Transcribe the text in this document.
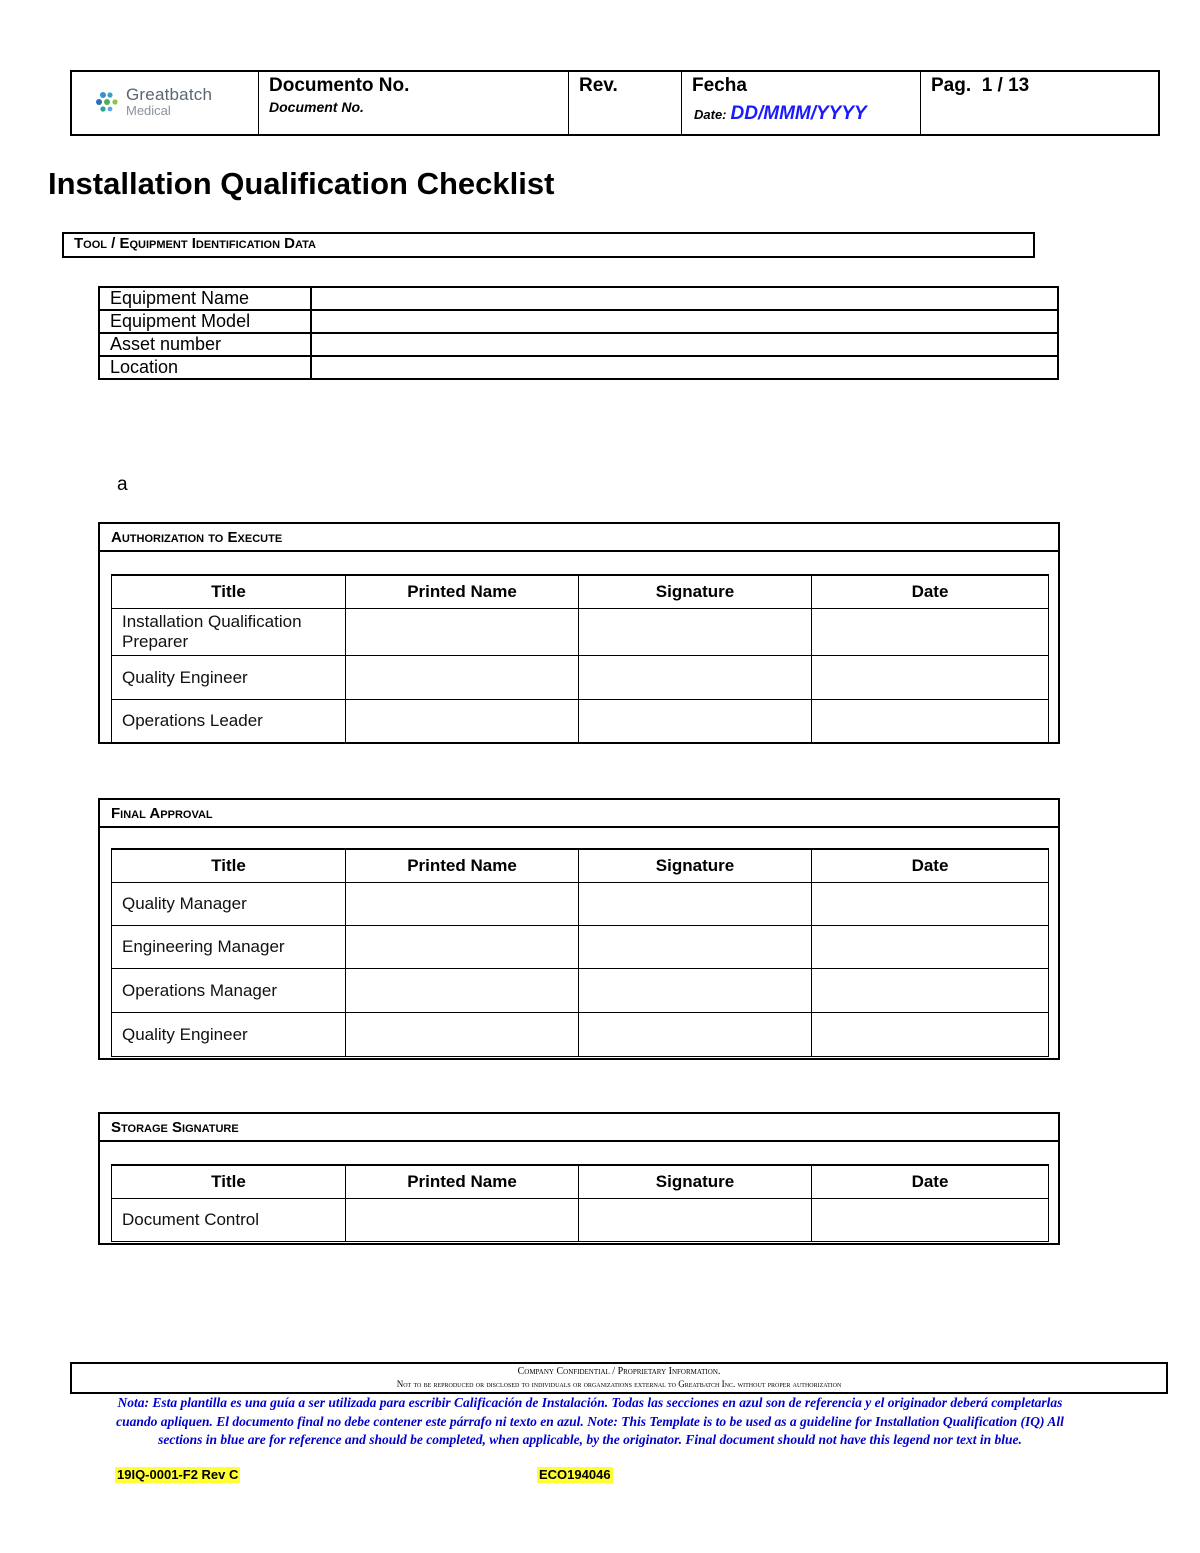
Greatbatch
Medical

Documento No.
Document No.

Rev.	Fecha
Date: DD/MMM/YYYY

Pag. 1 / 13
Installation Qualification Checklist
Tool / Equipment Identification Data
Equipment Name	
Equipment Model	
Asset number	
Location	
a
Authorization to Execute
Title	Printed Name	Signature	Date
Installation Qualification Preparer			
Quality Engineer			
Operations Leader			
Final Approval
Title	Printed Name	Signature	Date
Quality Manager			
Engineering Manager			
Operations Manager			
Quality Engineer			
Storage Signature
Title	Printed Name	Signature	Date
Document Control			
Company Confidential / Proprietary Information.
Not to be reproduced or disclosed to individuals or organizations external to Greatbatch Inc. without proper authorization
Nota: Esta plantilla es una guía a ser utilizada para escribir Calificación de Instalación. Todas las secciones en azul son de referencia y el originador deberá completarlas cuando apliquen. El documento final no debe contener este párrafo ni texto en azul. Note: This Template is to be used as a guideline for Installation Qualification (IQ) All sections in blue are for reference and should be completed, when applicable, by the originator. Final document should not have this legend nor text in blue.
19IQ-0001-F2 Rev C	ECO194046
